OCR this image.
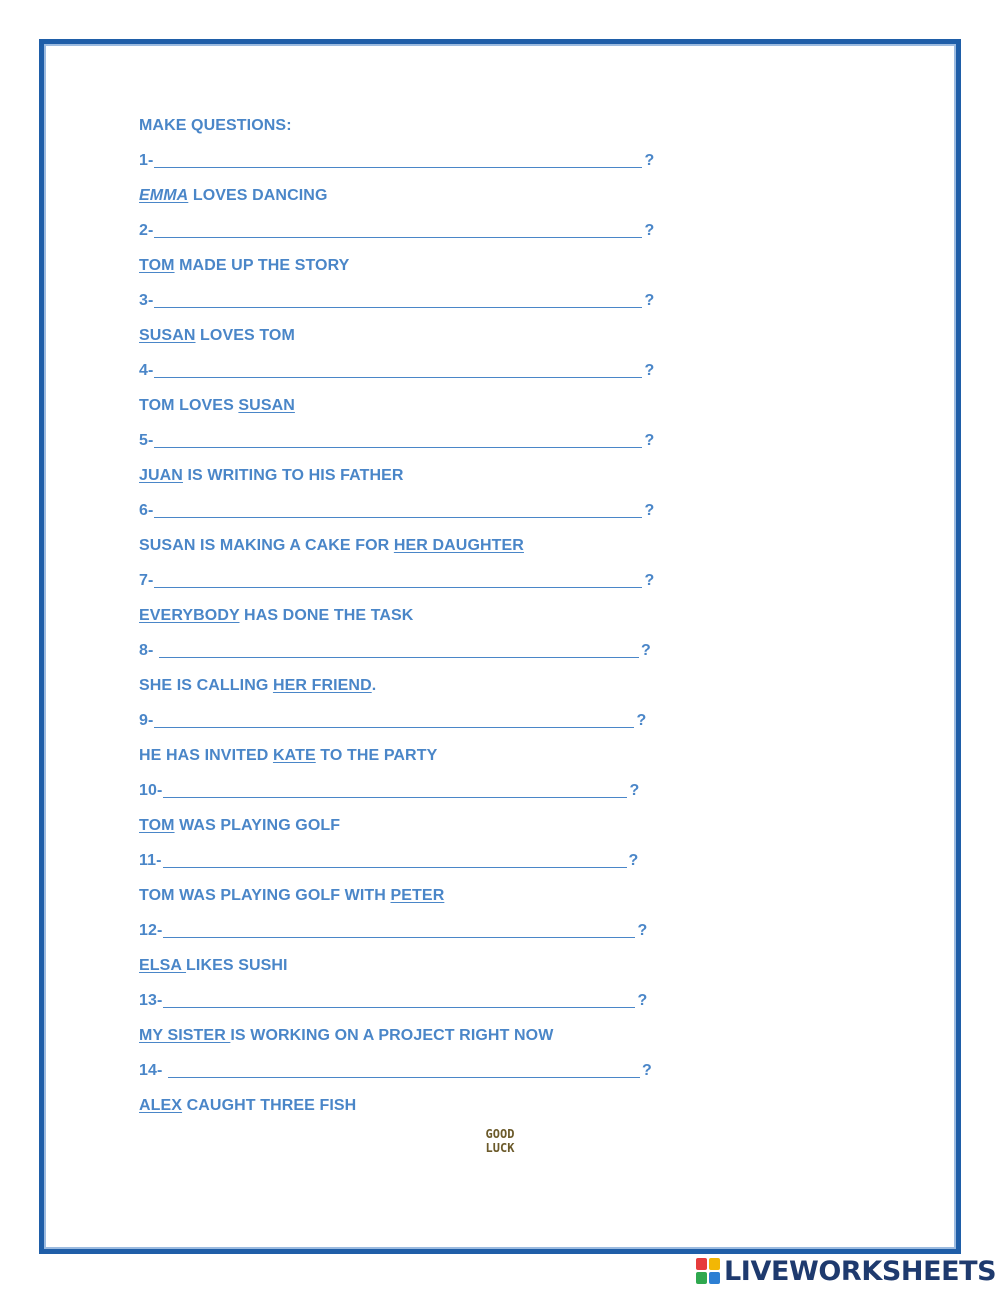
MAKE QUESTIONS:
1-	?
EMMA LOVES DANCING
2-	?
TOM MADE UP THE STORY
3-	?
SUSAN LOVES TOM
4-	?
TOM LOVES SUSAN
5-	?
JUAN IS WRITING TO HIS FATHER
6-	?
SUSAN IS MAKING A CAKE FOR HER DAUGHTER
7-	?
EVERYBODY HAS DONE THE TASK
8-	?
SHE IS CALLING HER FRIEND.
9-	?
HE HAS INVITED KATE TO THE PARTY
10-	?
TOM WAS PLAYING GOLF
11-	?
TOM WAS PLAYING GOLF WITH PETER
12-	?
ELSA LIKES SUSHI
13-	?
MY SISTER IS WORKING ON A PROJECT RIGHT NOW
14-	?
ALEX CAUGHT THREE FISH
GOOD
LUCK
LIVEWORKSHEETS
